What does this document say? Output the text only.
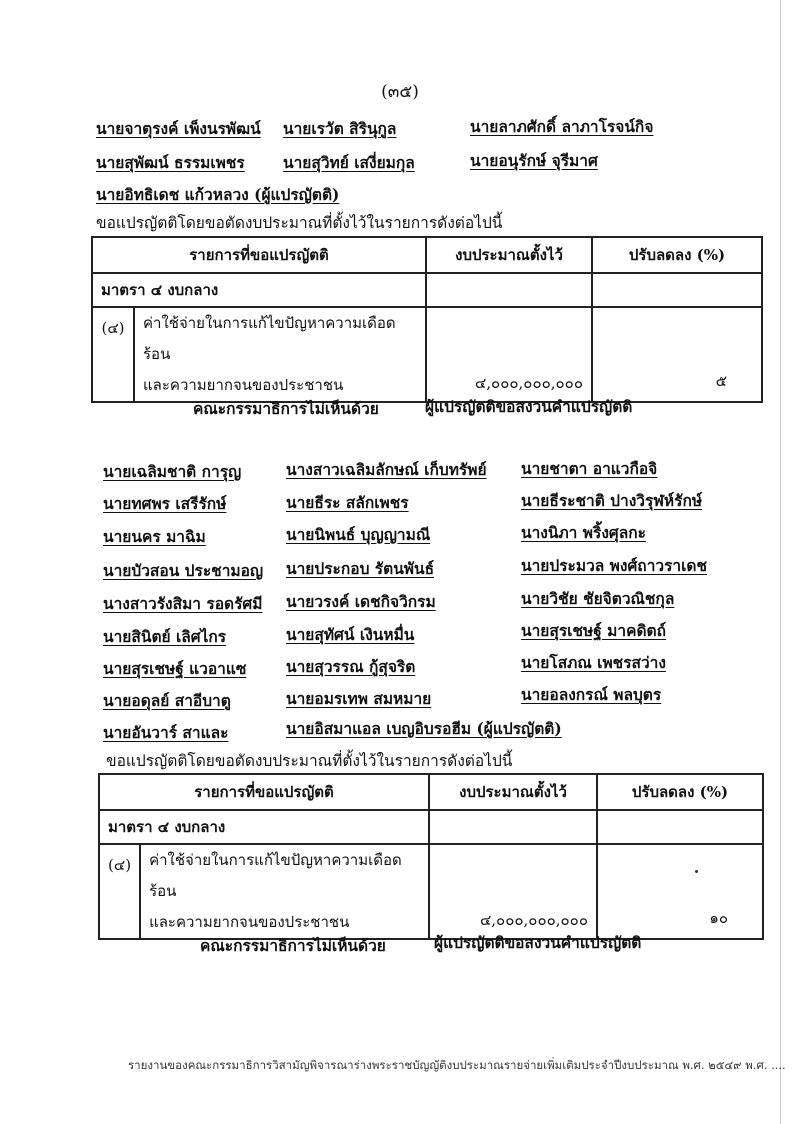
(๓๕)
นายจาตุรงค์ เพ็งนรพัฒน์ นายเรวัต สิรินุกูล	นายลาภศักดิ์ ลาภาโรจน์กิจ
นายสุพัฒน์ ธรรมเพชร นายสุวิทย์ เสงี่ยมกุล	นายอนุรักษ์ จุรีมาศ
นายอิทธิเดช แก้วหลวง (ผู้แปรญัตติ)
ขอแปรญัตติโดยขอตัดงบประมาณที่ตั้งไว้ในรายการดังต่อไปนี้
รายการที่ขอแปรญัตติ		งบประมาณตั้งไว้	ปรับลดลง (%)
มาตรา ๔ งบกลาง			
(๔)	ค่าใช้จ่ายในการแก้ไขปัญหาความเดือดร้อน
และความยากจนของประชาชน	๔,๐๐๐,๐๐๐,๐๐๐	๕
คณะกรรมาธิการไม่เห็นด้วย	ผู้แปรญัตติขอสงวนคำแปรญัตติ
นายเฉลิมชาติ การุญ	นางสาวเฉลิมลักษณ์ เก็บทรัพย์ นายชาตา อาแวกือจิ
นายทศพร เสรีรักษ์	นายธีระ สลักเพชร	นายธีระชาติ ปางวิรุฬห์รักษ์
นายนคร มาฉิม	นายนิพนธ์ บุญญามณี	นางนิภา พริ้งศุลกะ
นายบัวสอน ประชามอญ นายประกอบ รัตนพันธ์	นายประมวล พงศ์ถาวราเดช
นางสาวรังสิมา รอดรัศมี นายวรงค์ เดชกิจวิกรม	นายวิชัย ชัยจิตวณิชกุล
นายสินิตย์ เลิศไกร	นายสุทัศน์ เงินหมื่น	นายสุรเชษฐ์ มาคดิตถ์
นายสุรเชษฐ์ แวอาแซ	นายสุวรรณ กู้สุจริต	นายโสภณ เพชรสว่าง
นายอดุลย์ สาอีบาตู	นายอมรเทพ สมหมาย	นายอลงกรณ์ พลบุตร
นายอันวาร์ สาและ	นายอิสมาแอล เบญอิบรอฮีม (ผู้แปรญัตติ)
ขอแปรญัตติโดยขอตัดงบประมาณที่ตั้งไว้ในรายการดังต่อไปนี้
รายการที่ขอแปรญัตติ		งบประมาณตั้งไว้	ปรับลดลง (%)
มาตรา ๔ งบกลาง			
(๔)	ค่าใช้จ่ายในการแก้ไขปัญหาความเดือดร้อน
และความยากจนของประชาชน	๔,๐๐๐,๐๐๐,๐๐๐	๑๐
คณะกรรมาธิการไม่เห็นด้วย	ผู้แปรญัตติขอสงวนคำแปรญัตติ
รายงานของคณะกรรมาธิการวิสามัญพิจารณาร่างพระราชบัญญัติงบประมาณรายจ่ายเพิ่มเติมประจำปีงบประมาณ พ.ศ. ๒๕๔๙ พ.ศ. ....
